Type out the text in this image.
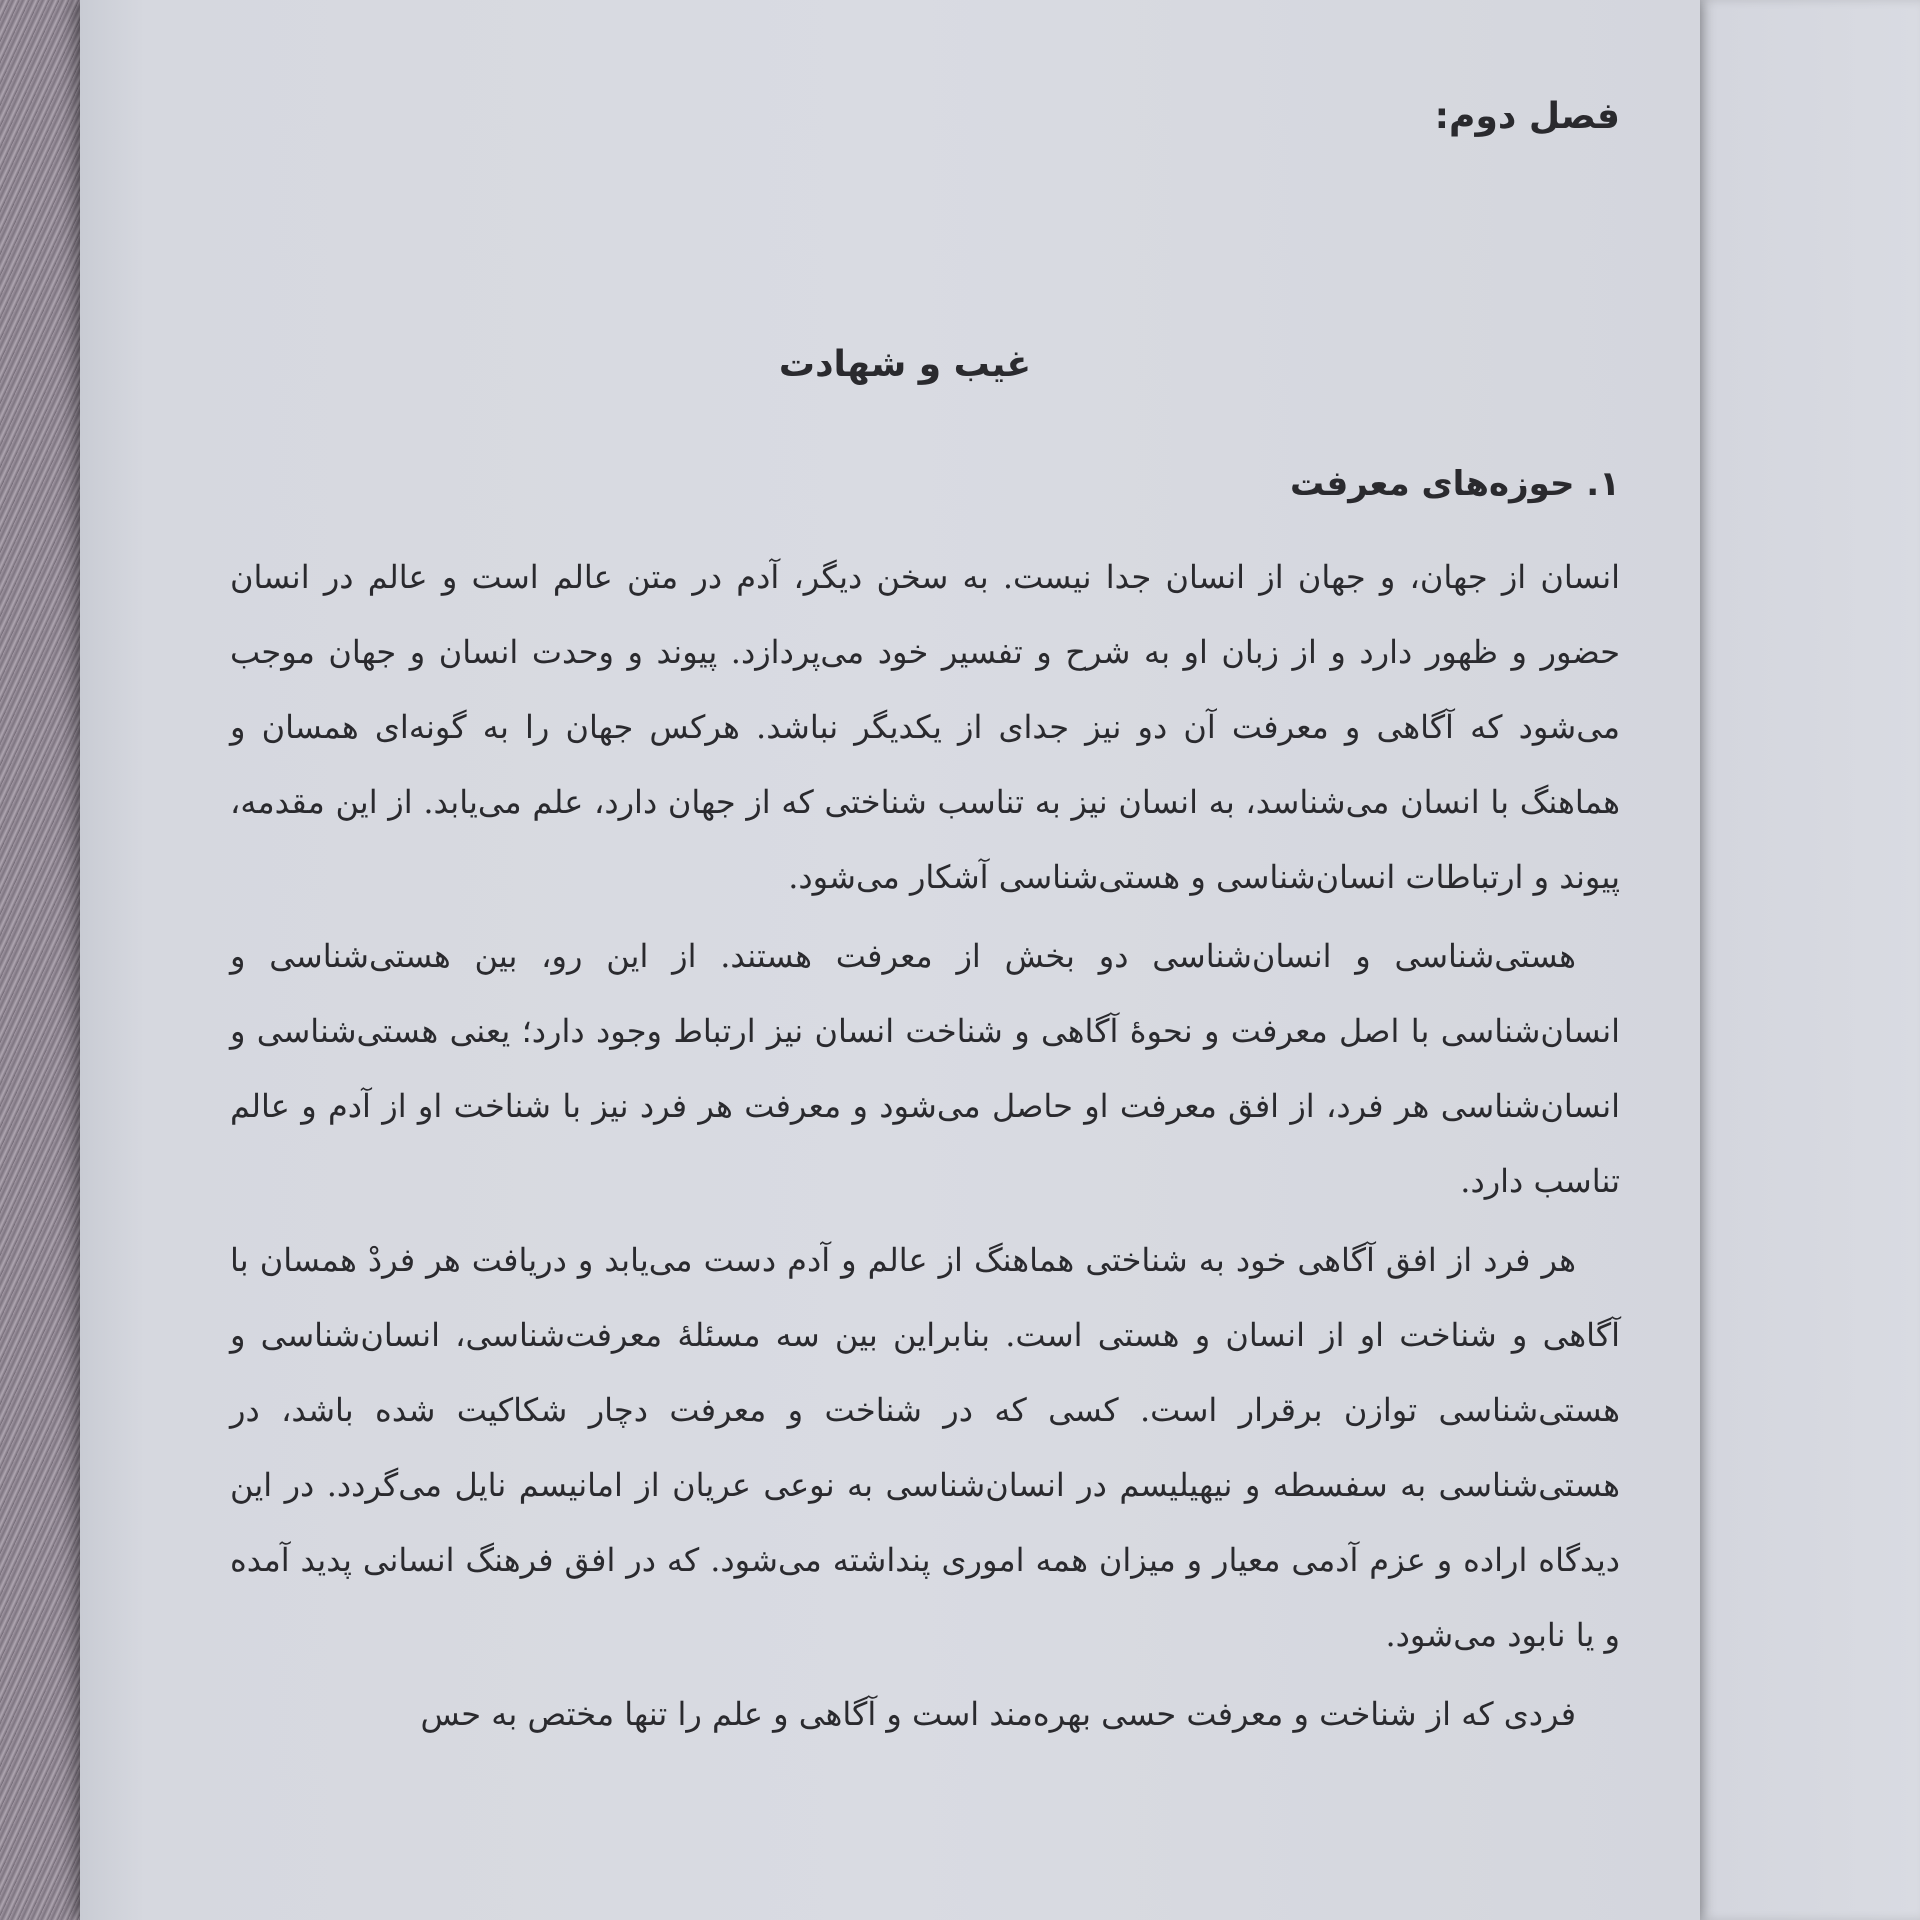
فصل دوم:
غیب و شهادت
۱. حوزه‌های معرفت

انسان از جهان، و جهان از انسان جدا نیست. به سخن دیگر، آدم در متن عالم است و عالم در انسان حضور و ظهور دارد و از زبان او به شرح و تفسیر خود می‌پردازد. پیوند و وحدت انسان و جهان موجب می‌شود که آگاهی و معرفت آن دو نیز جدای از یکدیگر نباشد. هرکس جهان را به گونه‌ای همسان و هماهنگ با انسان می‌شناسد، به انسان نیز به تناسب شناختی که از جهان دارد، علم می‌یابد. از این مقدمه، پیوند و ارتباطات انسان‌شناسی و هستی‌شناسی آشکار می‌شود.

هستی‌شناسی و انسان‌شناسی دو بخش از معرفت هستند. از این رو، بین هستی‌شناسی و انسان‌شناسی با اصل معرفت و نحوهٔ آگاهی و شناخت انسان نیز ارتباط وجود دارد؛ یعنی هستی‌شناسی و انسان‌شناسی هر فرد، از افق معرفت او حاصل می‌شود و معرفت هر فرد نیز با شناخت او از آدم و عالم تناسب دارد.

هر فرد از افق آگاهی خود به شناختی هماهنگ از عالم و آدم دست می‌یابد و دریافت هر فردْ همسان با آگاهی و شناخت او از انسان و هستی است. بنابراین بین سه مسئلهٔ معرفت‌شناسی، انسان‌شناسی و هستی‌شناسی توازن برقرار است. کسی که در شناخت و معرفت دچار شکاکیت شده باشد، در هستی‌شناسی به سفسطه و نیهیلیسم در انسان‌شناسی به نوعی عریان از امانیسم نایل می‌گردد. در این دیدگاه اراده و عزم آدمی معیار و میزان همه اموری پنداشته می‌شود. که در افق فرهنگ انسانی پدید آمده و یا نابود می‌شود.

فردی که از شناخت و معرفت حسی بهره‌مند است و آگاهی و علم را تنها مختص به حس
